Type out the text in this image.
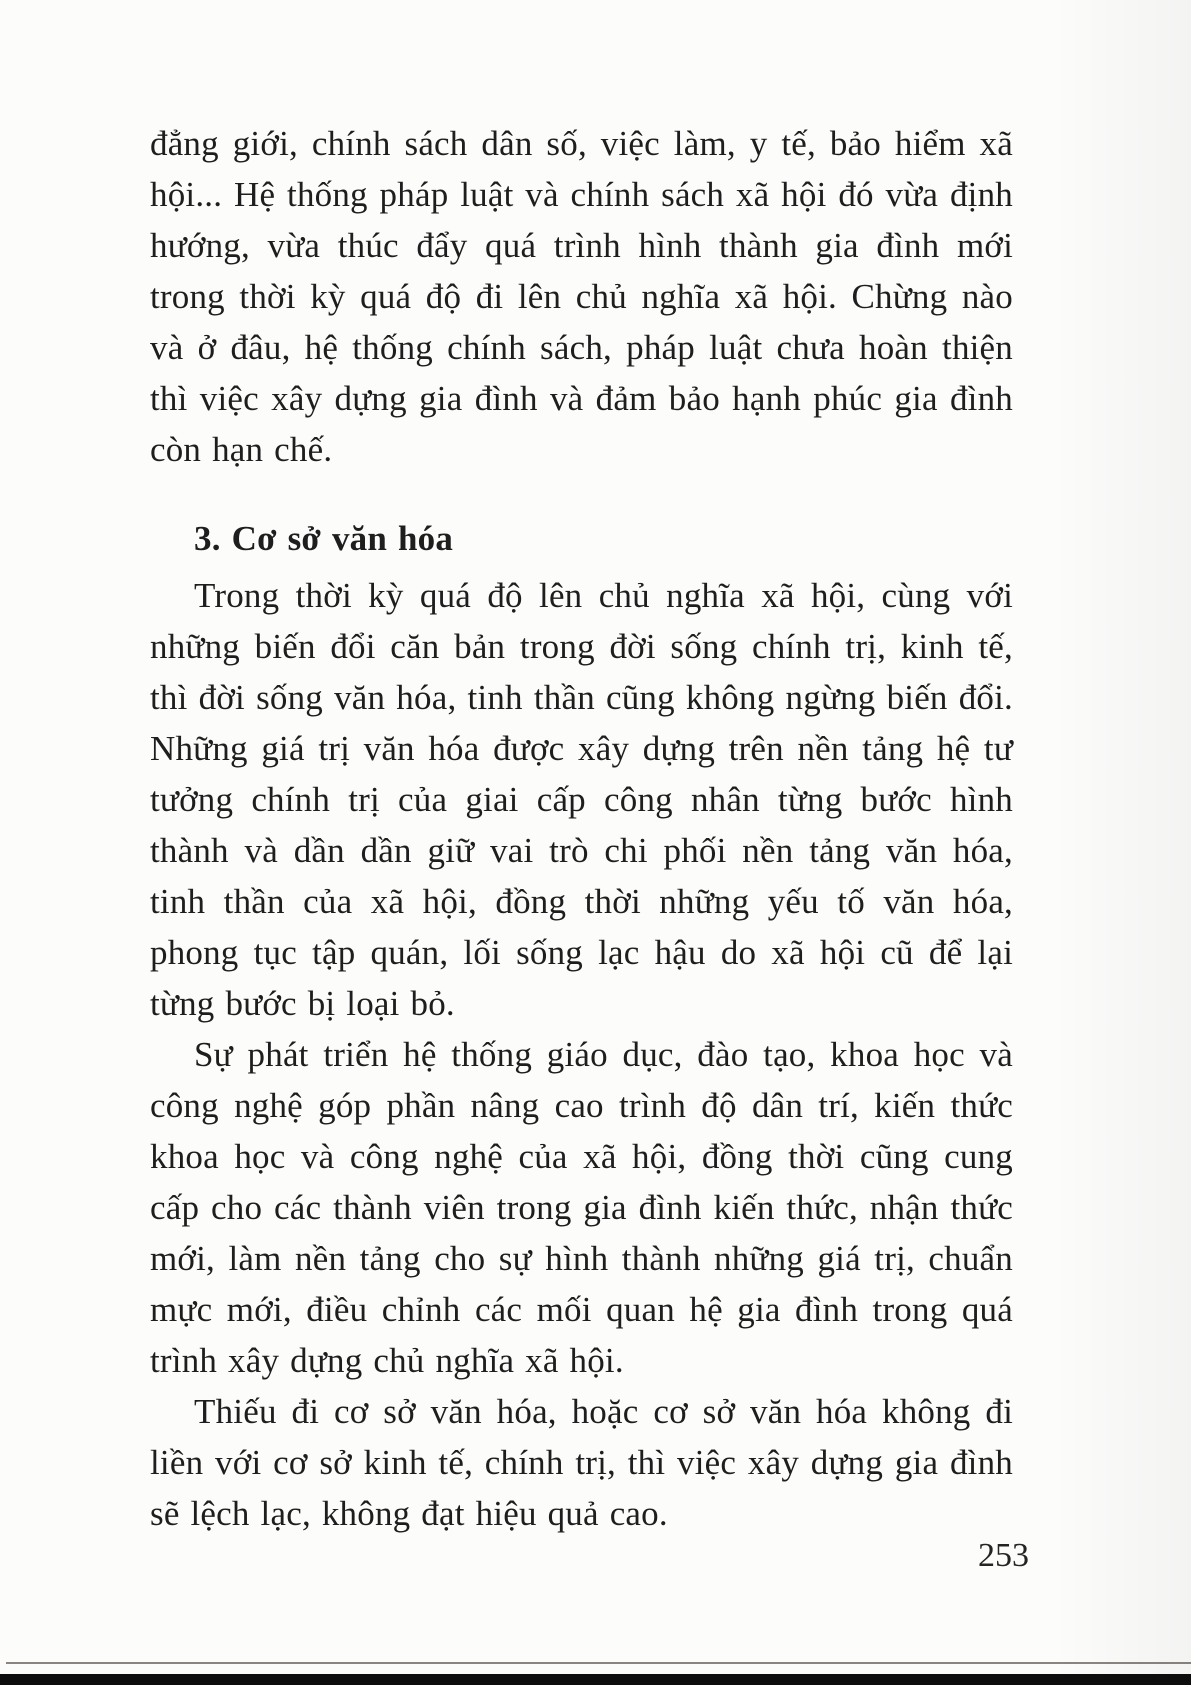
đẳng giới, chính sách dân số, việc làm, y tế, bảo hiểm xã hội... Hệ thống pháp luật và chính sách xã hội đó vừa định hướng, vừa thúc đẩy quá trình hình thành gia đình mới trong thời kỳ quá độ đi lên chủ nghĩa xã hội. Chừng nào và ở đâu, hệ thống chính sách, pháp luật chưa hoàn thiện thì việc xây dựng gia đình và đảm bảo hạnh phúc gia đình còn hạn chế.

3. Cơ sở văn hóa

Trong thời kỳ quá độ lên chủ nghĩa xã hội, cùng với những biến đổi căn bản trong đời sống chính trị, kinh tế, thì đời sống văn hóa, tinh thần cũng không ngừng biến đổi. Những giá trị văn hóa được xây dựng trên nền tảng hệ tư tưởng chính trị của giai cấp công nhân từng bước hình thành và dần dần giữ vai trò chi phối nền tảng văn hóa, tinh thần của xã hội, đồng thời những yếu tố văn hóa, phong tục tập quán, lối sống lạc hậu do xã hội cũ để lại từng bước bị loại bỏ.

Sự phát triển hệ thống giáo dục, đào tạo, khoa học và công nghệ góp phần nâng cao trình độ dân trí, kiến thức khoa học và công nghệ của xã hội, đồng thời cũng cung cấp cho các thành viên trong gia đình kiến thức, nhận thức mới, làm nền tảng cho sự hình thành những giá trị, chuẩn mực mới, điều chỉnh các mối quan hệ gia đình trong quá trình xây dựng chủ nghĩa xã hội.

Thiếu đi cơ sở văn hóa, hoặc cơ sở văn hóa không đi liền với cơ sở kinh tế, chính trị, thì việc xây dựng gia đình sẽ lệch lạc, không đạt hiệu quả cao.

253
